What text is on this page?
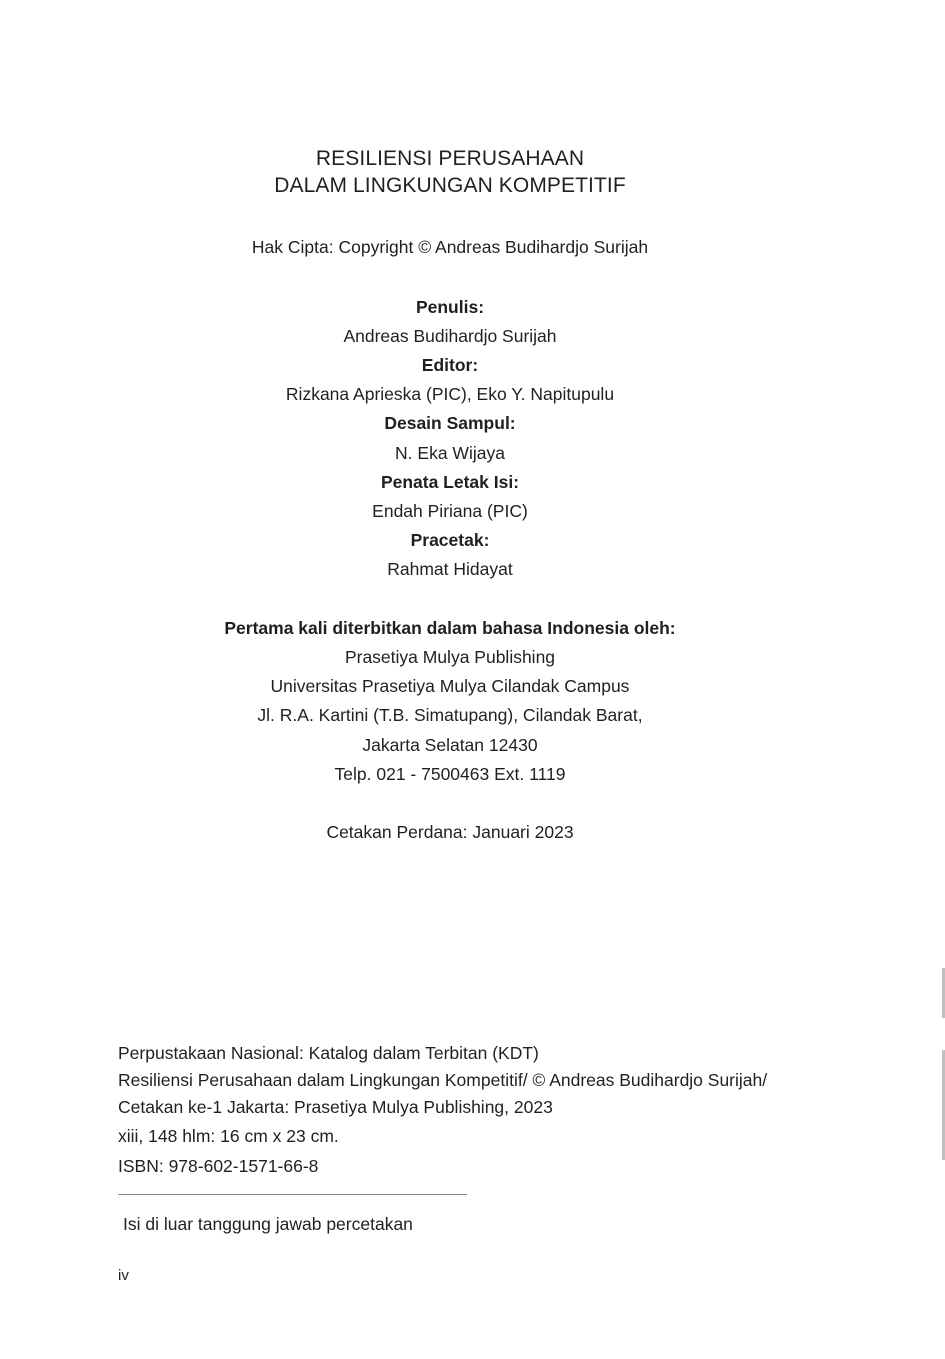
RESILIENSI PERUSAHAAN
DALAM LINGKUNGAN KOMPETITIF
Hak Cipta: Copyright © Andreas Budihardjo Surijah
Penulis:
Andreas Budihardjo Surijah
Editor:
Rizkana Aprieska (PIC), Eko Y. Napitupulu
Desain Sampul:
N. Eka Wijaya
Penata Letak Isi:
Endah Piriana (PIC)
Pracetak:
Rahmat Hidayat
Pertama kali diterbitkan dalam bahasa Indonesia oleh:
Prasetiya Mulya Publishing
Universitas Prasetiya Mulya Cilandak Campus
Jl. R.A. Kartini (T.B. Simatupang), Cilandak Barat,
Jakarta Selatan 12430
Telp. 021 - 7500463 Ext. 1119
Cetakan Perdana: Januari 2023
Perpustakaan Nasional: Katalog dalam Terbitan (KDT)
Resiliensi Perusahaan dalam Lingkungan Kompetitif/ © Andreas Budihardjo Surijah/
Cetakan ke-1 Jakarta: Prasetiya Mulya Publishing, 2023
xiii, 148 hlm: 16 cm x 23 cm.
ISBN: 978-602-1571-66-8
Isi di luar tanggung jawab percetakan
iv
